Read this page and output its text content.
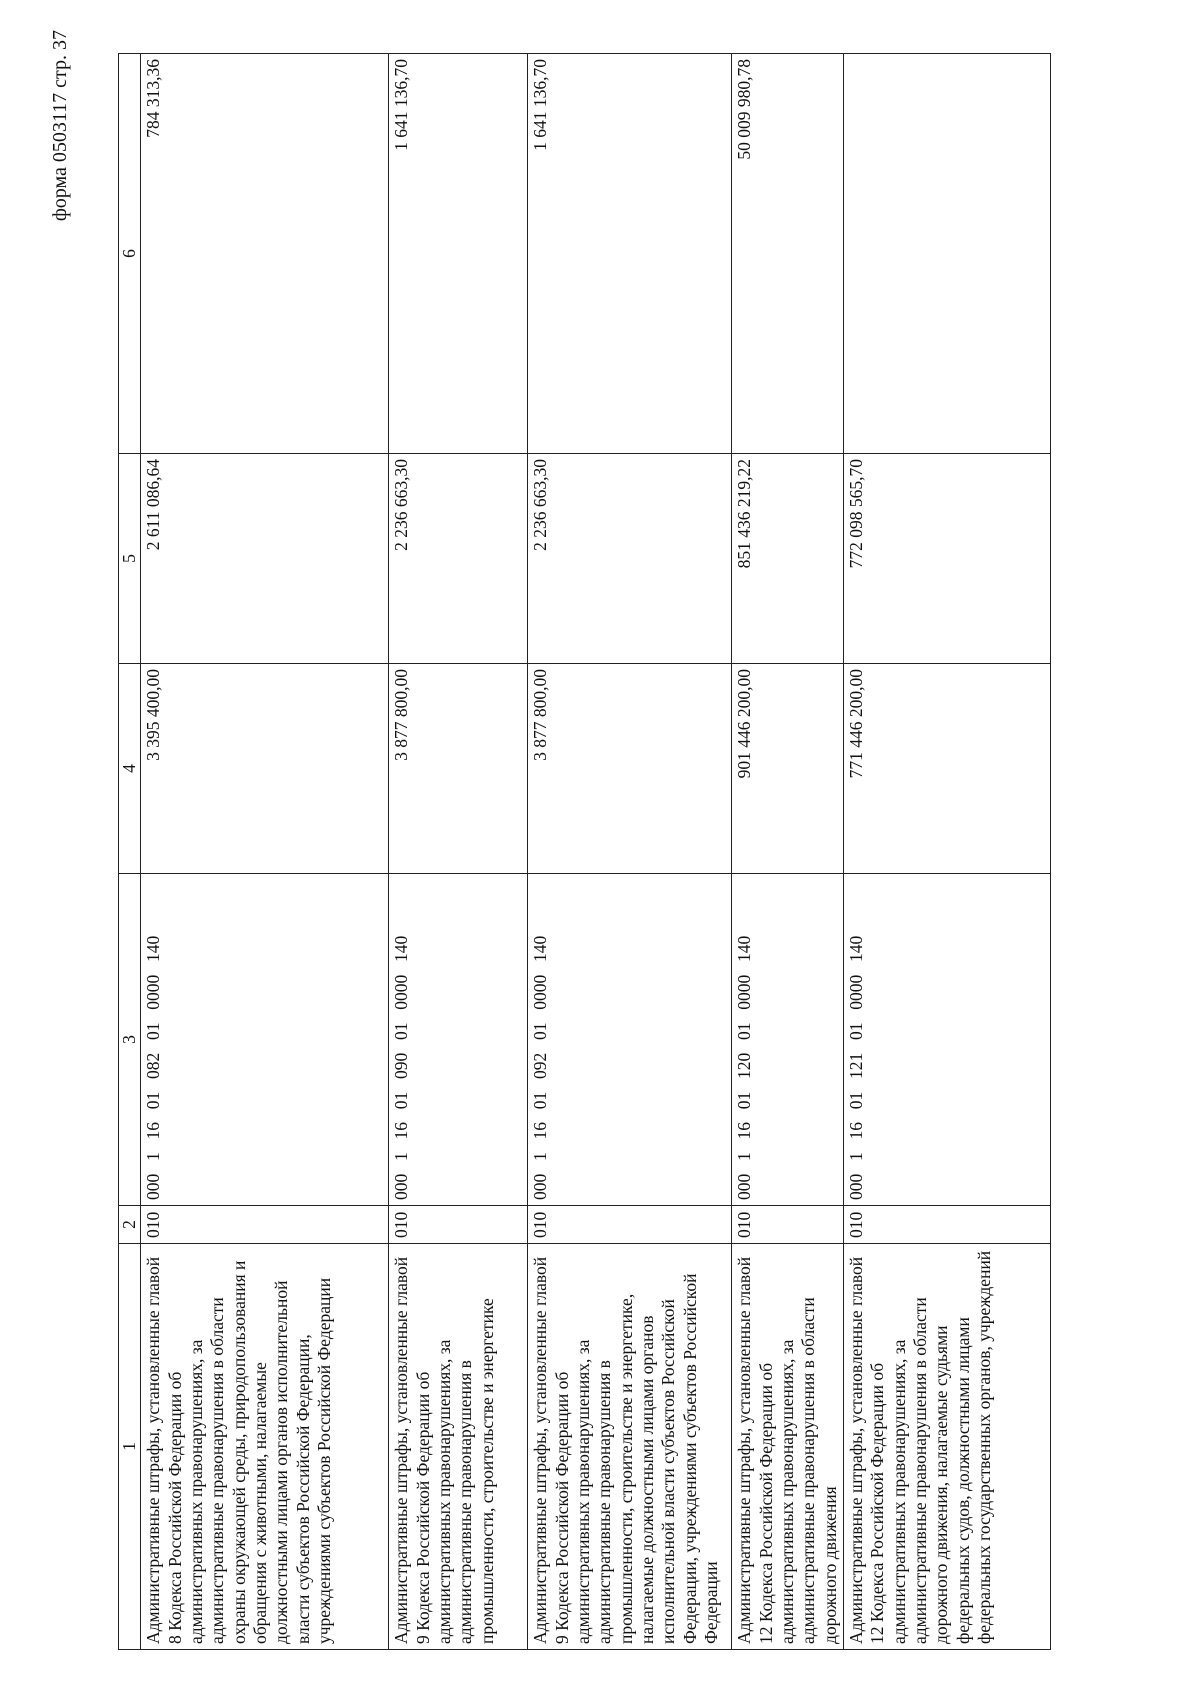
форма 0503117 стр. 37
1	2	3	4	5	6
Административные штрафы, установленные главой 8 Кодекса Российской Федерации об административных правонарушениях, за административные правонарушения в области охраны окружающей среды, природопользования и обращения с животными, налагаемые должностными лицами органов исполнительной власти субъектов Российской Федерации, учреждениями субъектов Российской Федерации	010	000  1  16  01  082  01  0000  140	3 395 400,00	2 611 086,64	784 313,36
Административные штрафы, установленные главой 9 Кодекса Российской Федерации об административных правонарушениях, за административные правонарушения в промышленности, строительстве и энергетике	010	000  1  16  01  090  01  0000  140	3 877 800,00	2 236 663,30	1 641 136,70
Административные штрафы, установленные главой 9 Кодекса Российской Федерации об административных правонарушениях, за административные правонарушения в промышленности, строительстве и энергетике, налагаемые должностными лицами органов исполнительной власти субъектов Российской Федерации, учреждениями субъектов Российской Федерации	010	000  1  16  01  092  01  0000  140	3 877 800,00	2 236 663,30	1 641 136,70
Административные штрафы, установленные главой 12 Кодекса Российской Федерации об административных правонарушениях, за административные правонарушения в области дорожного движения	010	000  1  16  01  120  01  0000  140	901 446 200,00	851 436 219,22	50 009 980,78
Административные штрафы, установленные главой 12 Кодекса Российской Федерации об административных правонарушениях, за административные правонарушения в области дорожного движения, налагаемые судьями федеральных судов, должностными лицами федеральных государственных органов, учреждений	010	000  1  16  01  121  01  0000  140	771 446 200,00	772 098 565,70	
